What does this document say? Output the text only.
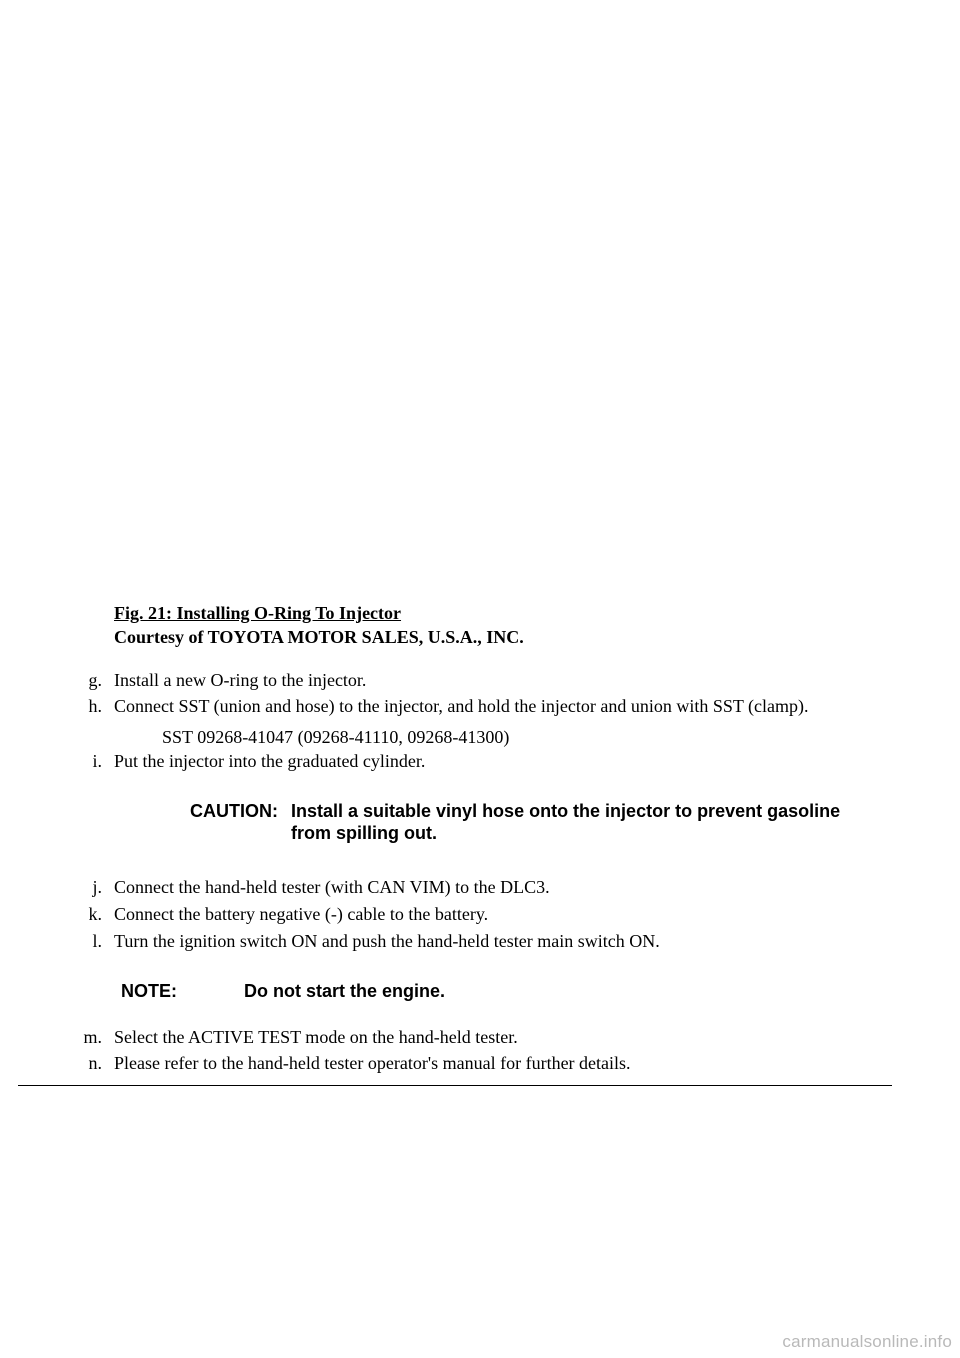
Fig. 21: Installing O-Ring To Injector
Courtesy of TOYOTA MOTOR SALES, U.S.A., INC.
g. Install a new O-ring to the injector.
h. Connect SST (union and hose) to the injector, and hold the injector and union with SST (clamp).
SST 09268-41047 (09268-41110, 09268-41300)
i. Put the injector into the graduated cylinder.
CAUTION: Install a suitable vinyl hose onto the injector to prevent gasoline
from spilling out.
j. Connect the hand-held tester (with CAN VIM) to the DLC3.
k. Connect the battery negative (-) cable to the battery.
l. Turn the ignition switch ON and push the hand-held tester main switch ON.
NOTE:	Do not start the engine.
m. Select the ACTIVE TEST mode on the hand-held tester.
n. Please refer to the hand-held tester operator's manual for further details.
carmanualsonline.info
